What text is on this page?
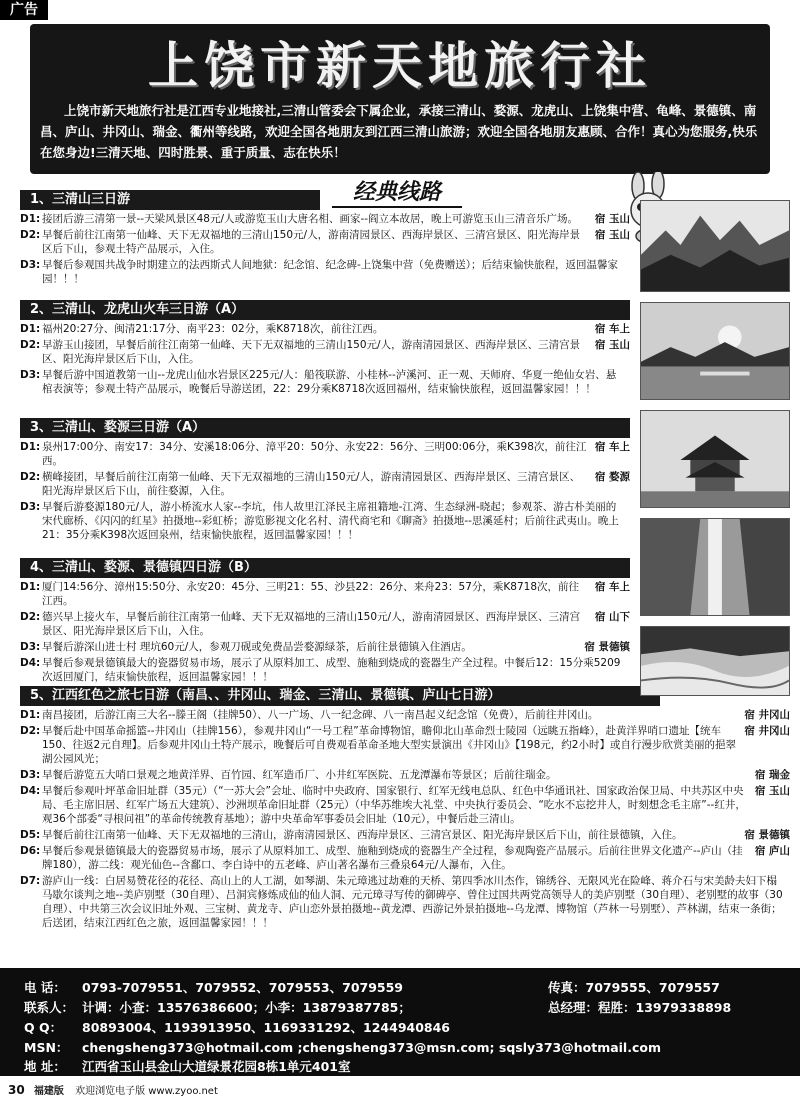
广告
上饶市新天地旅行社
上饶市新天地旅行社是江西专业地接社,三清山管委会下属企业，承接三清山、婺源、龙虎山、上饶集中营、龟峰、景德镇、南昌、庐山、井冈山、瑞金、衢州等线路，欢迎全国各地朋友到江西三清山旅游；欢迎全国各地朋友惠顾、合作！真心为您服务,快乐在您身边!三清天地、四时胜景、重于质量、志在快乐！
经典线路
1、三清山三日游
D1: 接团后游三清第一景--天梁风景区48元/人或游览玉山大唐名相、画家--阎立本故居，晚上可游览玉山三清音乐广场。	宿 玉山
D2: 早餐后前往江南第一仙峰、天下无双福地的三清山150元/人，游南清园景区、西海岸景区、三清宫景区、阳光海岸景区后下山，参观土特产品展示，入住。
宿 玉山
D3: 早餐后参观国共战争时期建立的法西斯式人间地狱：纪念馆、纪念碑-上饶集中营（免费赠送）；后结束愉快旅程，返回温馨家园！！！
2、三清山、龙虎山火车三日游（A）
D1: 福州20:27分、闽清21:17分、南平23：02分，乘K8718次，前往江西。	宿 车上
D2: 早游玉山接团，早餐后前往江南第一仙峰、天下无双福地的三清山150元/人，游南清园景区、西海岸景区、三清宫景区、阳光海岸景区后下山，入住。
宿 玉山
D3: 早餐后游中国道教第一山--龙虎山仙水岩景区225元/人：船筏联游、小桂林--泸溪河、正一观、天师府、华夏一绝仙女岩、悬棺表演等；参观土特产品展示，晚餐后导游送团，22：29分乘K8718次返回福州，结束愉快旅程，返回温馨家园！！！
3、三清山、婺源三日游（A）
D1: 泉州17:00分、南安17：34分、安溪18:06分、漳平20：50分、永安22：56分、三明00:06分，乘K398次，前往江西。
宿 车上
D2: 横峰接团，早餐后前往江南第一仙峰、天下无双福地的三清山150元/人，游南清园景区、西海岸景区、三清宫景区、阳光海岸景区后下山，前往婺源，入住。
宿 婺源
D3: 早餐后游婺源180元/人，游小桥流水人家--李坑，伟人故里江泽民主席祖籍地-江湾、生态绿洲-晓起；参观茶、游古朴美丽的宋代廊桥、《闪闪的红星》拍摄地--彩虹桥；游览影视文化名村、清代商宅和《聊斋》拍摄地--思溪延村；后前往武夷山。晚上21：35分乘K398次返回泉州，结束愉快旅程，返回温馨家园！！！
4、三清山、婺源、景德镇四日游（B）
D1: 厦门14:56分、漳州15:50分、永安20：45分、三明21：55、沙县22：26分、来舟23：57分，乘K8718次，前往江西。
宿 车上
D2: 德兴早上接火车，早餐后前往江南第一仙峰、天下无双福地的三清山150元/人，游南清园景区、西海岸景区、三清宫景区、阳光海岸景区后下山，入住。
宿 山下
D3: 早餐后游深山进士村 理坑60元/人，参观刀砚或免费品尝婺源绿茶，后前往景德镇入住酒店。	宿 景德镇
D4: 早餐后参观景德镇最大的瓷器贸易市场，展示了从原料加工、成型、施釉到烧成的瓷器生产全过程。中餐后12：15分乘5209次返回厦门，结束愉快旅程，返回温馨家园！！！
5、江西红色之旅七日游（南昌、、井冈山、瑞金、三清山、景德镇、庐山七日游）
D1: 南昌接团，后游江南三大名--滕王阁（挂牌50）、八一广场、八一纪念碑、八一南昌起义纪念馆（免费），后前往井冈山。	宿 井冈山
D2: 早餐后赴中国革命摇篮--井冈山（挂牌156），参观井冈山“一号工程”革命博物馆，瞻仰北山革命烈士陵园（远眺五指峰），赴黄洋界哨口遗址【统车150、往返2元自理】。后参观井冈山土特产展示，晚餐后可自费观看革命圣地大型实景演出《井冈山》【198元，约2小时】或自行漫步欣赏美丽的挹翠湖公园风光；
宿 井冈山
D3: 早餐后游览五大哨口景观之地黄洋界、百竹园、红军造币厂、小井红军医院、五龙潭瀑布等景区；后前往瑞金。	宿 瑞金
D4: 早餐后参观叶坪革命旧址群（35元）（“一苏大会”会址、临时中央政府、国家银行、红军无线电总队、红色中华通讯社、国家政治保卫局、中共苏区中央局、毛主席旧居、红军广场五大建筑）、沙洲坝革命旧址群（25元）（中华苏维埃大礼堂、中央执行委员会、“吃水不忘挖井人，时刻想念毛主席”--红井，观36个部委“寻根问祖”的革命传统教育基地）；游中央革命军事委员会旧址（10元），中餐后赴三清山。
宿 玉山
D5: 早餐后前往江南第一仙峰、天下无双福地的三清山，游南清园景区、西海岸景区、三清宫景区、阳光海岸景区后下山，前往景德镇，入住。	宿 景德镇
D6: 早餐后参观景德镇最大的瓷器贸易市场，展示了从原料加工、成型、施釉到烧成的瓷器生产全过程，参观陶瓷产品展示。后前往世界文化遗产--庐山（挂牌180），游二线：观光仙色--含鄱口、李白诗中的五老峰、庐山著名瀑布三叠泉64元/人瀑布，入住。
宿 庐山
D7: 游庐山一线：白居易赞花径的花径、高山上的人工湖，如琴湖、朱元璋逃过劫难的天桥、第四季冰川杰作，锦绣谷、无限风光在险峰、蒋介石与宋美龄夫妇下榻马歇尔谈判之地--美庐别墅（30自理）、吕洞宾修炼成仙的仙人洞、元元璋寻写传的御碑亭、曾住过国共两党高领导人的美庐别墅（30自理）、老别墅的故事（30自理）、中共第三次会议旧址外观、三宝树、黄龙寺、庐山恋外景拍摄地--黄龙潭、西游记外景拍摄地--乌龙潭、博物馆（芦林一号别墅）、芦林湖，结束一条街；后送团，结束江西红色之旅，返回温馨家园！！！
电 话： 0793-7079551、7079552、7079553、7079559	传真：7079555、7079557
联系人： 计调：小查：13576386600；小李：13879387785；	总经理：程胜：13979338898
Q Q： 80893004、1193913950、1169331292、1244940846
MSN： chengsheng373@hotmail.com ;chengsheng373@msn.com; sqsly373@hotmail.com
地 址： 江西省玉山县金山大道绿景花园8栋1单元401室
30 福建版 欢迎浏览电子版 www.zyoo.net
